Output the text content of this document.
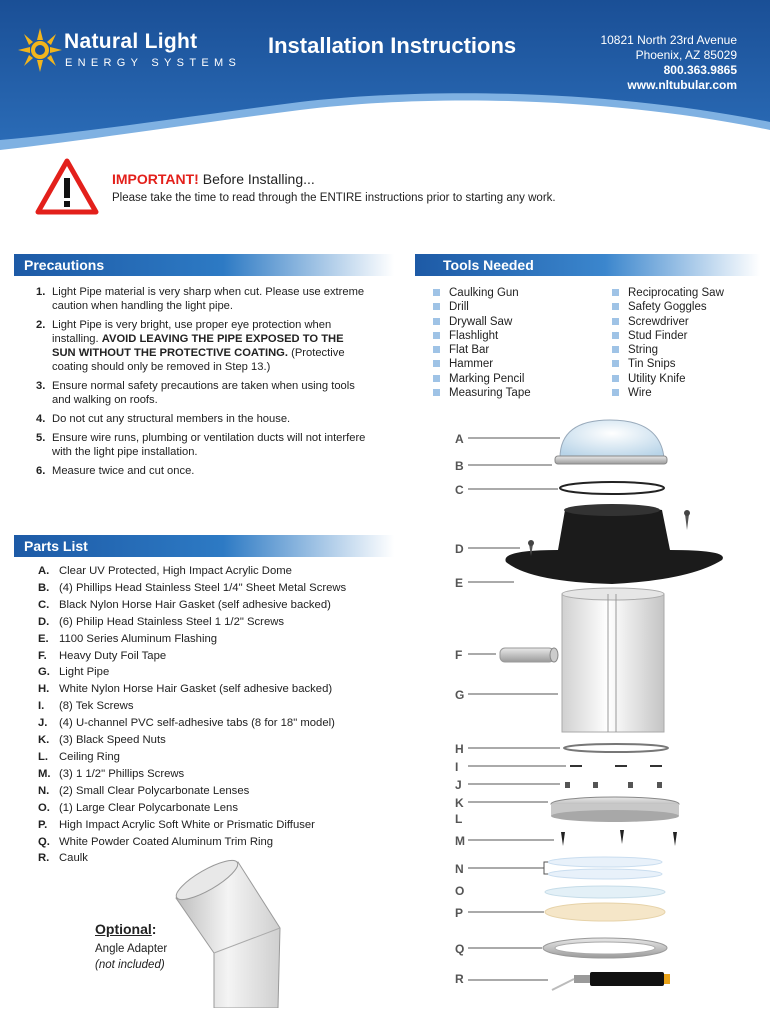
Natural Light
ENERGY SYSTEMS
Installation Instructions	10821 North 23rd Avenue
Phoenix, AZ 85029
800.363.9865
www.nltubular.com
IMPORTANT! Before Installing...
Please take the time to read through the ENTIRE instructions prior to starting any work.
Precautions
1. Light Pipe material is very sharp when cut. Please use extreme caution when handling the light pipe.
2. Light Pipe is very bright, use proper eye protection when installing. AVOID LEAVING THE PIPE EXPOSED TO THE SUN WITHOUT THE PROTECTIVE COATING. (Protective coating should only be removed in Step 13.)
3. Ensure normal safety precautions are taken when using tools and walking on roofs.
4. Do not cut any structural members in the house.
5. Ensure wire runs, plumbing or ventilation ducts will not interfere with the light pipe installation.
6. Measure twice and cut once.
Tools Needed
Caulking Gun
Drill
Drywall Saw
Flashlight
Flat Bar
Hammer
Marking Pencil
Measuring Tape
Reciprocating Saw
Safety Goggles
Screwdriver
Stud Finder
String
Tin Snips
Utility Knife
Wire
Parts List
A. Clear UV Protected, High Impact Acrylic Dome
B. (4) Phillips Head Stainless Steel 1/4" Sheet Metal Screws
C. Black Nylon Horse Hair Gasket (self adhesive backed)
D. (6) Philip Head Stainless Steel 1 1/2" Screws
E. 1100 Series Aluminum Flashing
F. Heavy Duty Foil Tape
G. Light Pipe
H. White Nylon Horse Hair Gasket (self adhesive backed)
I. (8) Tek Screws
J. (4) U-channel PVC self-adhesive tabs (8 for 18" model)
K. (3) Black Speed Nuts
L. Ceiling Ring
M. (3) 1 1/2" Phillips Screws
N. (2) Small Clear Polycarbonate Lenses
O. (1) Large Clear Polycarbonate Lens
P. High Impact Acrylic Soft White or Prismatic Diffuser
Q. White Powder Coated Aluminum Trim Ring
R. Caulk
Optional:
Angle Adapter
(not included)
A
B
C
D
E
F
G
H
I
J
K
L
M
N
O
P
Q
R
